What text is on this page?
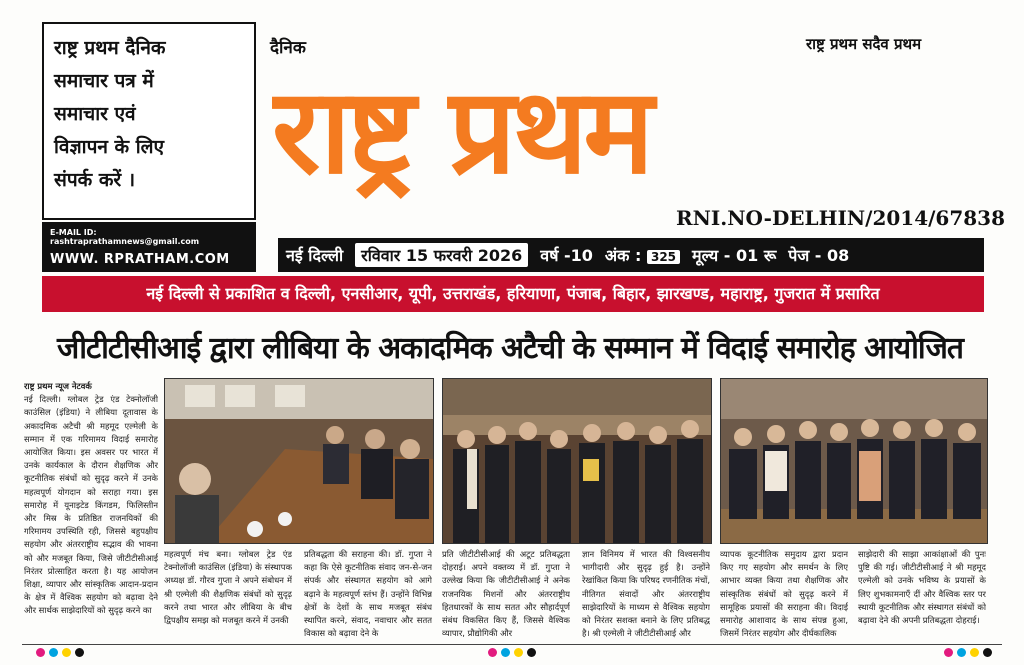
राष्ट्र प्रथम दैनिक
समाचार पत्र में
समाचार एवं
विज्ञापन के लिए
संपर्क करें ।
E-MAIL ID: rashtraprathamnews@gmail.com
WWW. RPRATHAM.COM
दैनिक	राष्ट्र प्रथम सदैव प्रथम
राष्ट्र प्रथम
RNI.NO-DELHIN/2014/67838
नई दिल्ली	रविवार 15 फरवरी 2026	वर्ष -10 अंक : 325 मूल्य - 01 रू पेज - 08
नई दिल्ली से प्रकाशित व दिल्ली, एनसीआर, यूपी, उत्तराखंड, हरियाणा, पंजाब, बिहार, झारखण्ड, महाराष्ट्र, गुजरात में प्रसारित
जीटीटीसीआई द्वारा लीबिया के अकादमिक अटैची के सम्मान में विदाई समारोह आयोजित
राष्ट्र प्रथम न्यूज नेटवर्क
नई दिल्ली। ग्लोबल ट्रेड एंड टेक्नोलॉजी काउंसिल (इंडिया) ने लीबिया दूतावास के अकादमिक अटैची श्री महमूद एल्मेली के सम्मान में एक गरिमामय विदाई समारोह आयोजित किया। इस अवसर पर भारत में उनके कार्यकाल के दौरान शैक्षणिक और कूटनीतिक संबंधों को सुदृढ़ करने में उनके महत्वपूर्ण योगदान को सराहा गया। इस समारोह में यूनाइटेड किंगडम, फिलिस्तीन और मिस्र के प्रतिष्ठित राजनयिकों की गरिमामय उपस्थिति रही, जिससे बहुपक्षीय सहयोग और अंतरराष्ट्रीय सद्भाव की भावना को और मजबूत किया, जिसे जीटीटीसीआई निरंतर प्रोत्साहित करता है। यह आयोजन शिक्षा, व्यापार और सांस्कृतिक आदान-प्रदान के क्षेत्र में वैश्विक सहयोग को बढ़ावा देने और सार्थक साझेदारियों को सुदृढ़ करने का
महत्वपूर्ण मंच बना। ग्लोबल ट्रेड एंड टेक्नोलॉजी काउंसिल (इंडिया) के संस्थापक अध्यक्ष डॉ. गौरव गुप्ता ने अपने संबोधन में श्री एल्मेली की शैक्षणिक संबंधों को सुदृढ़ करने तथा भारत और लीबिया के बीच द्विपक्षीय समझ को मजबूत करने में उनकी
प्रतिबद्धता की सराहना की। डॉ. गुप्ता ने कहा कि ऐसे कूटनीतिक संवाद जन-से-जन संपर्क और संस्थागत सहयोग को आगे बढ़ाने के महत्वपूर्ण स्तंभ हैं। उन्होंने विभिन्न क्षेत्रों के देशों के साथ मजबूत संबंध स्थापित करने, संवाद, नवाचार और सतत विकास को बढ़ावा देने के
प्रति जीटीटीसीआई की अटूट प्रतिबद्धता दोहराई। अपने वक्तव्य में डॉ. गुप्ता ने उल्लेख किया कि जीटीटीसीआई ने अनेक राजनयिक मिशनों और अंतरराष्ट्रीय हितधारकों के साथ सतत और सौहार्दपूर्ण संबंध विकसित किए हैं, जिससे वैश्विक व्यापार, प्रौद्योगिकी और
ज्ञान विनिमय में भारत की विश्वसनीय भागीदारी और सुदृढ़ हुई है। उन्होंने रेखांकित किया कि परिषद रणनीतिक मंचों, नीतिगत संवादों और अंतरराष्ट्रीय साझेदारियों के माध्यम से वैश्विक सहयोग को निरंतर सशक्त बनाने के लिए प्रतिबद्ध है। श्री एल्मेली ने जीटीटीसीआई और
व्यापक कूटनीतिक समुदाय द्वारा प्रदान किए गए सहयोग और समर्थन के लिए आभार व्यक्त किया तथा शैक्षणिक और सांस्कृतिक संबंधों को सुदृढ़ करने में सामूहिक प्रयासों की सराहना की। विदाई समारोह आशावाद के साथ संपन्न हुआ, जिसमें निरंतर सहयोग और दीर्घकालिक
साझेदारी की साझा आकांक्षाओं की पुनः पुष्टि की गई। जीटीटीसीआई ने श्री महमूद एल्मेली को उनके भविष्य के प्रयासों के लिए शुभकामनाएँ दीं और वैश्विक स्तर पर स्थायी कूटनीतिक और संस्थागत संबंधों को बढ़ावा देने की अपनी प्रतिबद्धता दोहराई।
